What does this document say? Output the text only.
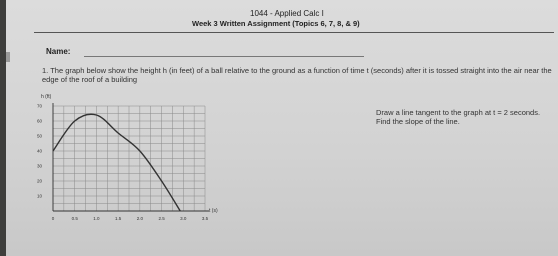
1044 - Applied Calc I
Week 3 Written Assignment (Topics 6, 7, 8, & 9)
Name:
1. The graph below show the height h (in feet) of a ball relative to the ground as a function of time t (seconds) after it is tossed straight into the air near the edge of the roof of a building
Draw a line tangent to the graph at t = 2 seconds. Find the slope of the line.
0	0.5	1.0	1.5	2.0	2.5	3.0	3.5
10
20
30
40
50
60
70
h (ft)
t (s)
